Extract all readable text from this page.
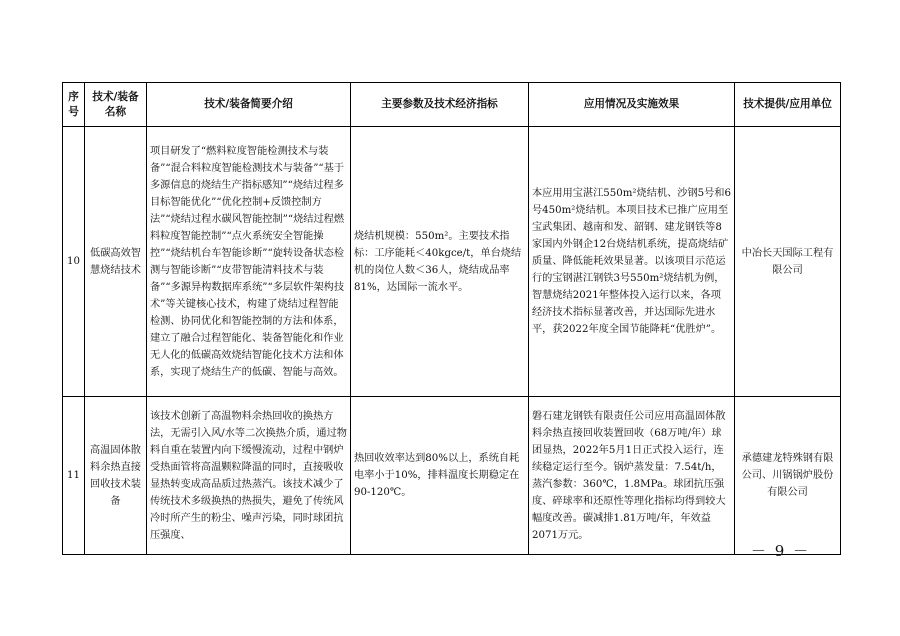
序号	技术/装备名称	技术/装备简要介绍	主要参数及技术经济指标	应用情况及实施效果	技术提供/应用单位
10	低碳高效智慧烧结技术	项目研发了“燃料粒度智能检测技术与装备”“混合料粒度智能检测技术与装备”“基于多源信息的烧结生产指标感知”“烧结过程多目标智能优化”“优化控制+反馈控制方法”“烧结过程水碳风智能控制”“烧结过程燃料粒度智能控制”“点火系统安全智能操控”“烧结机台车智能诊断”“旋转设备状态检测与智能诊断”“皮带智能清料技术与装备”“多源异构数据库系统”“多层软件架构技术”等关键核心技术，构建了烧结过程智能检测、协同优化和智能控制的方法和体系，建立了融合过程智能化、装备智能化和作业无人化的低碳高效烧结智能化技术方法和体系，实现了烧结生产的低碳、智能与高效。	烧结机规模：550m²。主要技术指标：工序能耗＜40kgce/t，单台烧结机的岗位人数＜36人，烧结成品率81%，达国际一流水平。	本应用用宝湛江550m²烧结机、沙钢5号和6号450m²烧结机。本项目技术已推广应用至宝武集团、越南和发、韶钢、建龙钢铁等8家国内外钢企12台烧结机系统，提高烧结矿质量、降低能耗效果显著。以该项目示范运行的宝钢湛江钢铁3号550m²烧结机为例，智慧烧结2021年整体投入运行以来，各项经济技术指标显著改善，并达国际先进水平，获2022年度全国节能降耗“优胜炉”。	中冶长天国际工程有限公司
11	高温固体散料余热直接回收技术装备	该技术创新了高温物料余热回收的换热方法，无需引入风/水等二次换热介质，通过物料自重在装置内向下缓慢流动，过程中钢炉受热面管将高温颗粒降温的同时，直接吸收显热转变成高品质过热蒸汽。该技术减少了传统技术多级换热的热损失，避免了传统风冷时所产生的粉尘、噪声污染，同时球团抗压强度、	热回收效率达到80%以上，系统自耗电率小于10%，排料温度长期稳定在90-120℃。	磐石建龙钢铁有限责任公司应用高温固体散料余热直接回收装置回收（68万吨/年）球团显热，2022年5月1日正式投入运行，连续稳定运行至今。锅炉蒸发量：7.54t/h，蒸汽参数：360℃，1.8MPa。球团抗压强度、碎球率和还原性等理化指标均得到较大幅度改善。碳减排1.81万吨/年，年效益2071万元。	承德建龙特殊钢有限公司、川锅锅炉股份有限公司
－ 9 －
